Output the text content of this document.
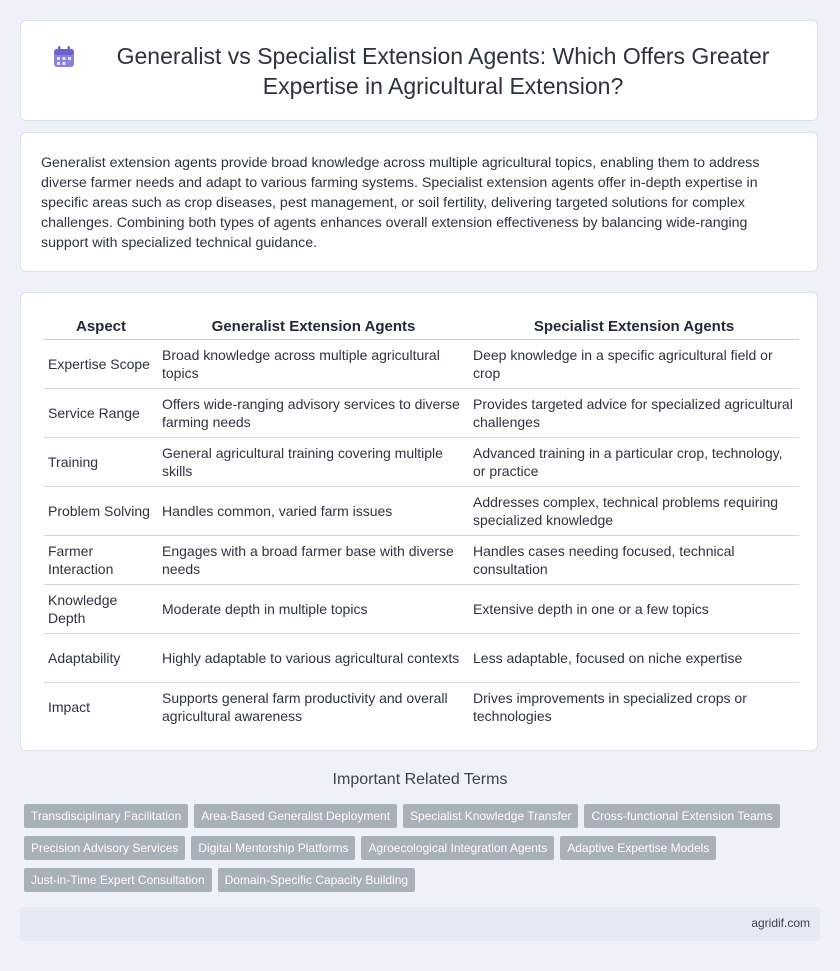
Generalist vs Specialist Extension Agents: Which Offers Greater Expertise in Agricultural Extension?

Generalist extension agents provide broad knowledge across multiple agricultural topics, enabling them to address diverse farmer needs and adapt to various farming systems. Specialist extension agents offer in-depth expertise in specific areas such as crop diseases, pest management, or soil fertility, delivering targeted solutions for complex challenges. Combining both types of agents enhances overall extension effectiveness by balancing wide-ranging support with specialized technical guidance.

Aspect	Generalist Extension Agents	Specialist Extension Agents
Expertise Scope	Broad knowledge across multiple agricultural topics	Deep knowledge in a specific agricultural field or crop
Service Range	Offers wide-ranging advisory services to diverse farming needs	Provides targeted advice for specialized agricultural challenges
Training	General agricultural training covering multiple skills	Advanced training in a particular crop, technology, or practice
Problem Solving	Handles common, varied farm issues	Addresses complex, technical problems requiring specialized knowledge
Farmer Interaction	Engages with a broad farmer base with diverse needs	Handles cases needing focused, technical consultation
Knowledge Depth	Moderate depth in multiple topics	Extensive depth in one or a few topics
Adaptability	Highly adaptable to various agricultural contexts	Less adaptable, focused on niche expertise
Impact	Supports general farm productivity and overall agricultural awareness	Drives improvements in specialized crops or technologies
Important Related Terms
Transdisciplinary Facilitation	Area-Based Generalist Deployment	Specialist Knowledge Transfer	Cross-functional Extension Teams
Precision Advisory Services	Digital Mentorship Platforms	Agroecological Integration Agents	Adaptive Expertise Models
Just-in-Time Expert Consultation	Domain-Specific Capacity Building
agridif.com
